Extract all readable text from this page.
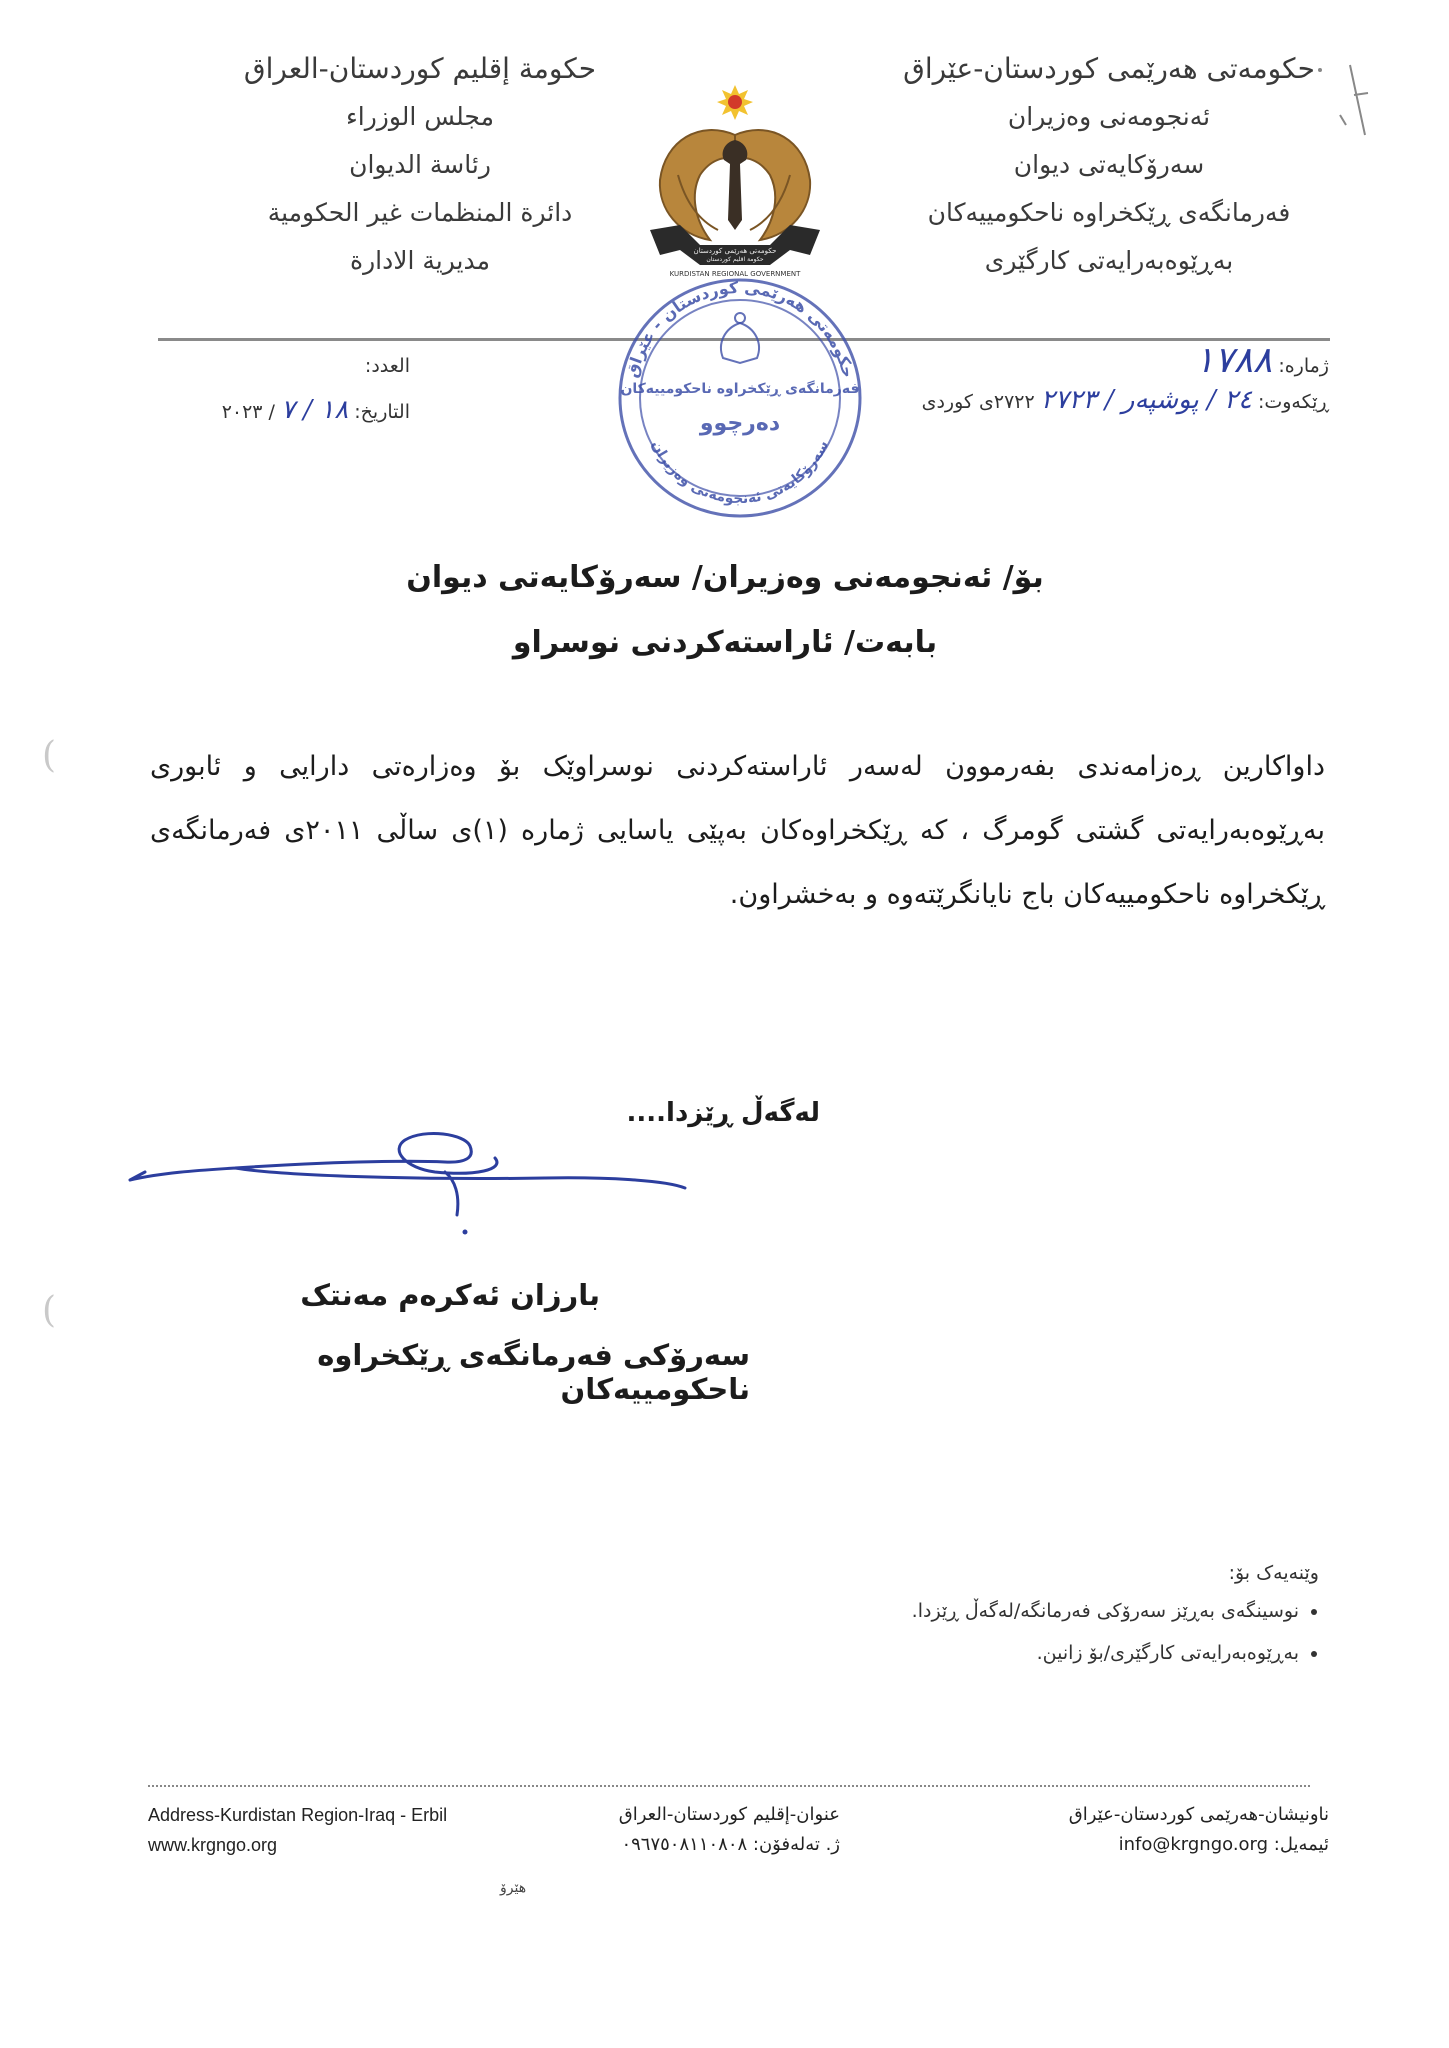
حکومەتی هەرێمی کوردستان-عێراق
ئەنجومەنی وەزیران
سەرۆکایەتی دیوان
فەرمانگەی ڕێکخراوە ناحکومییەکان
بەڕێوەبەرایەتی کارگێری
حكومة إقليم كوردستان-العراق
مجلس الوزراء
رئاسة الديوان
دائرة المنظمات غير الحكومية
مديرية الادارة	حکومەتی هەرێمی کوردستان
حکومة اقليم كوردستان
KURDISTAN REGIONAL GOVERNMENT
ژمارە: ١٧٨٨
ڕێکەوت: ٢٤ / پوشپەر / ٢٧٢٣ ٢٧٢٢ی کوردی
العدد:
التاريخ: ١٨ / ٧ / ٢٠٢٣
حکومەتی هەرێمی کوردستان - عێراق
فەرمانگەی ڕێکخراوە ناحکومییەکان
دەرچوو
سەرۆکایەتی ئەنجومەنی وەزیران
بۆ/ ئەنجومەنی وەزیران/ سەرۆکایەتی دیوان
بابەت/ ئاراستەکردنی نوسراو
(
(
داواکارین ڕەزامەندی بفەرموون لەسەر ئاراستەکردنی نوسراوێک بۆ وەزارەتی دارایی و ئابوری بەڕێوەبەرایەتی گشتی گومرگ ، کە ڕێکخراوەکان بەپێی یاسایی ژمارە (١)ی ساڵی ٢٠١١ی فەرمانگەی ڕێکخراوە ناحکومییەکان باج نایانگرێتەوە و بەخشراون.
لەگەڵ ڕێزدا....
بارزان ئەکرەم مەنتک
سەرۆکی فەرمانگەی ڕێکخراوە ناحکومییەکان
وێنەیەک بۆ:
• نوسینگەی بەڕێز سەرۆکی فەرمانگە/لەگەڵ ڕێزدا.
• بەڕێوەبەرایەتی کارگێری/بۆ زانین.
ناونیشان-هەرێمی کوردستان-عێراق
ئیمەیل: info@krgngo.org
عنوان-إقليم كوردستان-العراق
ژ. تەلەفۆن: ٠٩٦٧٥٠٨١١٠٨٠٨
Address-Kurdistan Region-Iraq - Erbil
www.krgngo.org
هێرۆ
